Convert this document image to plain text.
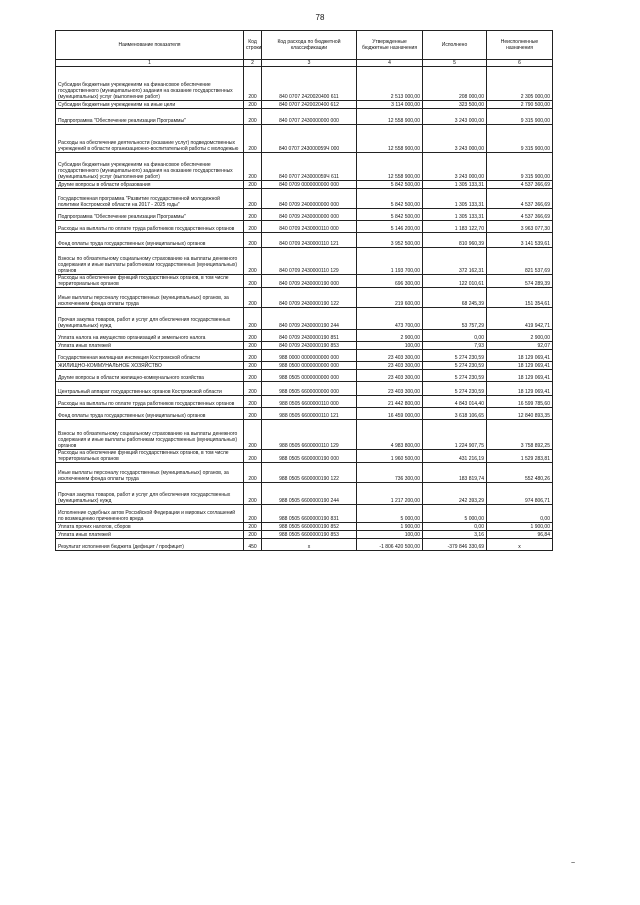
78
Наименование показателя	Код строки	Код расхода по бюджетной классификации	Утвержденные бюджетные назначения	Исполнено	Неисполненные назначения
1	2	3	4	5	6
Субсидии бюджетным учреждениям на финансовое обеспечение государственного (муниципального) задания на оказание государственных (муниципальных) услуг (выполнение работ)	200	840 0707 2420020400 611	2 513 000,00	208 000,00	2 305 000,00
Субсидии бюджетным учреждениям на иные цели	200	840 0707 2420020400 612	3 114 000,00	323 500,00	2 790 500,00
Подпрограмма "Обеспечение реализации Программы"	200	840 0707 2430000000 000	12 558 900,00	3 243 000,00	9 315 900,00
Расходы на обеспечение деятельности (оказание услуг) подведомственных учреждений в области организационно-воспитательной работы с молодежью	200	840 0707 243000059Ч 000	12 558 900,00	3 243 000,00	9 315 900,00
Субсидии бюджетным учреждениям на финансовое обеспечение государственного (муниципального) задания на оказание государственных (муниципальных) услуг (выполнение работ)	200	840 0707 243000059Ч 611	12 558 900,00	3 243 000,00	9 315 900,00
Другие вопросы в области образования	200	840 0709 0000000000 000	5 842 500,00	1 305 133,31	4 537 366,69
Государственная программа "Развитие государственной молодежной политики Костромской области на 2017 - 2025 годы"	200	840 0709 2400000000 000	5 842 500,00	1 305 133,31	4 537 366,69
Подпрограмма "Обеспечение реализации Программы"	200	840 0709 2430000000 000	5 842 500,00	1 305 133,31	4 537 366,69
Расходы на выплаты по оплате труда работников государственных органов	200	840 0709 2430000110 000	5 146 200,00	1 183 122,70	3 963 077,30
Фонд оплаты труда государственных (муниципальных) органов	200	840 0709 2430000110 121	3 952 500,00	810 960,39	3 141 539,61
Взносы по обязательному социальному страхованию на выплаты денежного содержания и иные выплаты работникам государственных (муниципальных) органов	200	840 0709 2430000110 129	1 193 700,00	372 162,31	821 537,69
Расходы на обеспечение функций государственных органов, в том числе территориальных органов	200	840 0709 2430000190 000	696 300,00	122 010,61	574 289,39
Иные выплаты персоналу государственных (муниципальных) органов, за исключением фонда оплаты труда	200	840 0709 2430000190 122	219 600,00	68 245,39	151 354,61
Прочая закупка товаров, работ и услуг для обеспечения государственных (муниципальных) нужд	200	840 0709 2430000190 244	473 700,00	53 757,29	419 942,71
Уплата налога на имущество организаций и земельного налога	200	840 0709 2430000190 851	2 900,00	0,00	2 900,00
Уплата иных платежей	200	840 0709 2430000190 853	100,00	7,93	92,07
Государственная жилищная инспекция Костромской области	200	988 0000 0000000000 000	23 403 300,00	5 274 230,59	18 129 069,41
ЖИЛИЩНО-КОММУНАЛЬНОЕ ХОЗЯЙСТВО	200	988 0500 0000000000 000	23 403 300,00	5 274 230,59	18 129 069,41
Другие вопросы в области жилищно-коммунального хозяйства	200	988 0505 0000000000 000	23 403 300,00	5 274 230,59	18 129 069,41
Центральный аппарат государственных органов Костромской области	200	988 0505 6600000000 000	23 403 300,00	5 274 230,59	18 129 069,41
Расходы на выплаты по оплате труда работников государственных органов	200	988 0505 6600000110 000	21 442 800,00	4 843 014,40	16 599 785,60
Фонд оплаты труда государственных (муниципальных) органов	200	988 0505 6600000110 121	16 459 000,00	3 618 106,65	12 840 893,35
Взносы по обязательному социальному страхованию на выплаты денежного содержания и иные выплаты работникам государственных (муниципальных) органов	200	988 0505 6600000110 129	4 983 800,00	1 224 907,75	3 758 892,25
Расходы на обеспечение функций государственных органов, в том числе территориальных органов	200	988 0505 6600000190 000	1 960 500,00	431 216,19	1 529 283,81
Иные выплаты персоналу государственных (муниципальных) органов, за исключением фонда оплаты труда	200	988 0505 6600000190 122	736 300,00	183 819,74	552 480,26
Прочая закупка товаров, работ и услуг для обеспечения государственных (муниципальных) нужд	200	988 0505 6600000190 244	1 217 200,00	242 393,29	974 806,71
Исполнение судебных актов Российской Федерации и мировых соглашений по возмещению причиненного вреда	200	988 0505 6600000190 831	5 000,00	5 000,00	0,00
Уплата прочих налогов, сборов	200	988 0505 6600000190 852	1 900,00	0,00	1 900,00
Уплата иных платежей	200	988 0505 6600000190 853	100,00	3,16	96,84
Результат исполнения бюджета (дефицит / профицит)	450	x	-1 806 420 500,00	-379 846 330,69	x
~
